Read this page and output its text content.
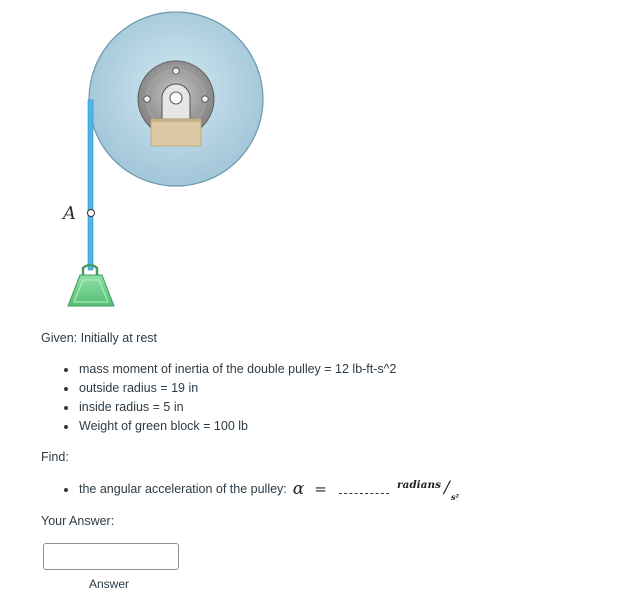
A
Given: Initially at rest
mass moment of inertia of the double pulley = 12 lb-ft-s^2
outside radius = 19 in
inside radius = 5 in
Weight of green block = 100 lb
Find:
the angular acceleration of the pulley: α =	radians / s²
Your Answer:
Answer
